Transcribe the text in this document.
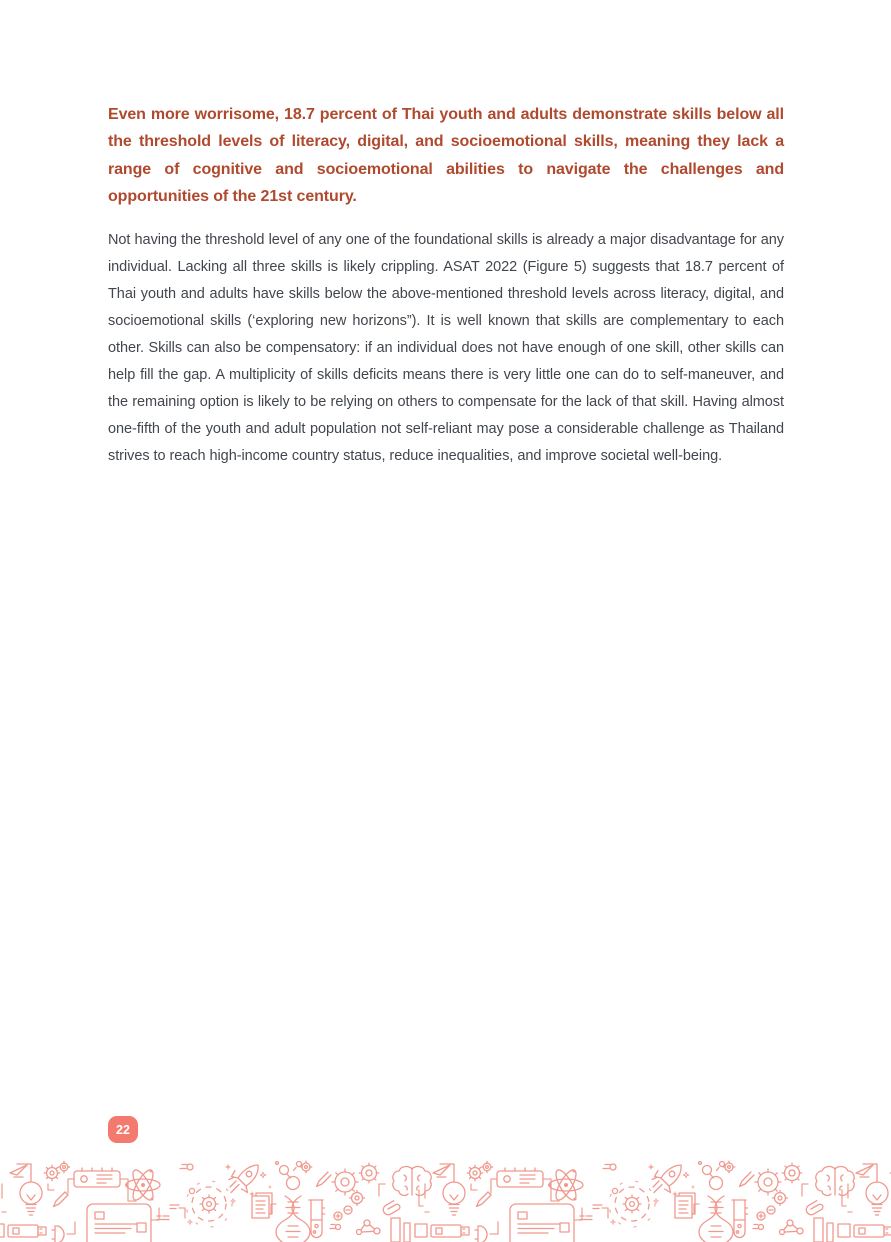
Even more worrisome, 18.7 percent of Thai youth and adults demonstrate skills below all the threshold levels of literacy, digital, and socioemotional skills, meaning they lack a range of cognitive and socioemotional abilities to navigate the challenges and opportunities of the 21st century.

Not having the threshold level of any one of the foundational skills is already a major disadvantage for any individual. Lacking all three skills is likely crippling. ASAT 2022 (Figure 5) suggests that 18.7 percent of Thai youth and adults have skills below the above-mentioned threshold levels across literacy, digital, and socioemotional skills (‘exploring new horizons”). It is well known that skills are complementary to each other. Skills can also be compensatory: if an individual does not have enough of one skill, other skills can help fill the gap. A multiplicity of skills deficits means there is very little one can do to self-maneuver, and the remaining option is likely to be relying on others to compensate for the lack of that skill. Having almost one-fifth of the youth and adult population not self-reliant may pose a considerable challenge as Thailand strives to reach high-income country status, reduce inequalities, and improve societal well-being.

22
